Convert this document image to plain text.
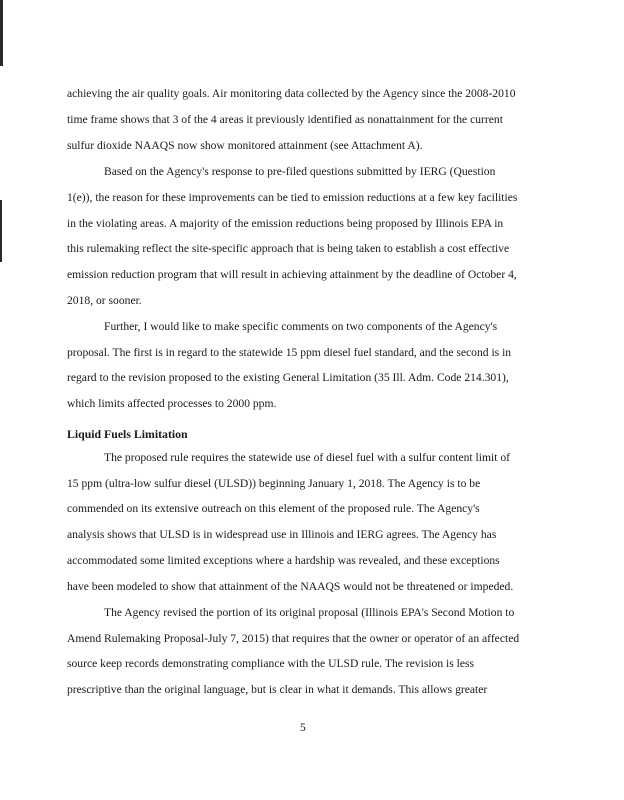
achieving the air quality goals. Air monitoring data collected by the Agency since the 2008-2010
time frame shows that 3 of the 4 areas it previously identified as nonattainment for the current
sulfur dioxide NAAQS now show monitored attainment (see Attachment A).
Based on the Agency's response to pre-filed questions submitted by IERG (Question
1(e)), the reason for these improvements can be tied to emission reductions at a few key facilities
in the violating areas. A majority of the emission reductions being proposed by Illinois EPA in
this rulemaking reflect the site-specific approach that is being taken to establish a cost effective
emission reduction program that will result in achieving attainment by the deadline of October 4,
2018, or sooner.
Further, I would like to make specific comments on two components of the Agency's
proposal. The first is in regard to the statewide 15 ppm diesel fuel standard, and the second is in
regard to the revision proposed to the existing General Limitation (35 Ill. Adm. Code 214.301),
which limits affected processes to 2000 ppm.
Liquid Fuels Limitation
The proposed rule requires the statewide use of diesel fuel with a sulfur content limit of
15 ppm (ultra-low sulfur diesel (ULSD)) beginning January 1, 2018. The Agency is to be
commended on its extensive outreach on this element of the proposed rule. The Agency's
analysis shows that ULSD is in widespread use in Illinois and IERG agrees. The Agency has
accommodated some limited exceptions where a hardship was revealed, and these exceptions
have been modeled to show that attainment of the NAAQS would not be threatened or impeded.
The Agency revised the portion of its original proposal (Illinois EPA's Second Motion to
Amend Rulemaking Proposal-July 7, 2015) that requires that the owner or operator of an affected
source keep records demonstrating compliance with the ULSD rule. The revision is less
prescriptive than the original language, but is clear in what it demands. This allows greater
5
